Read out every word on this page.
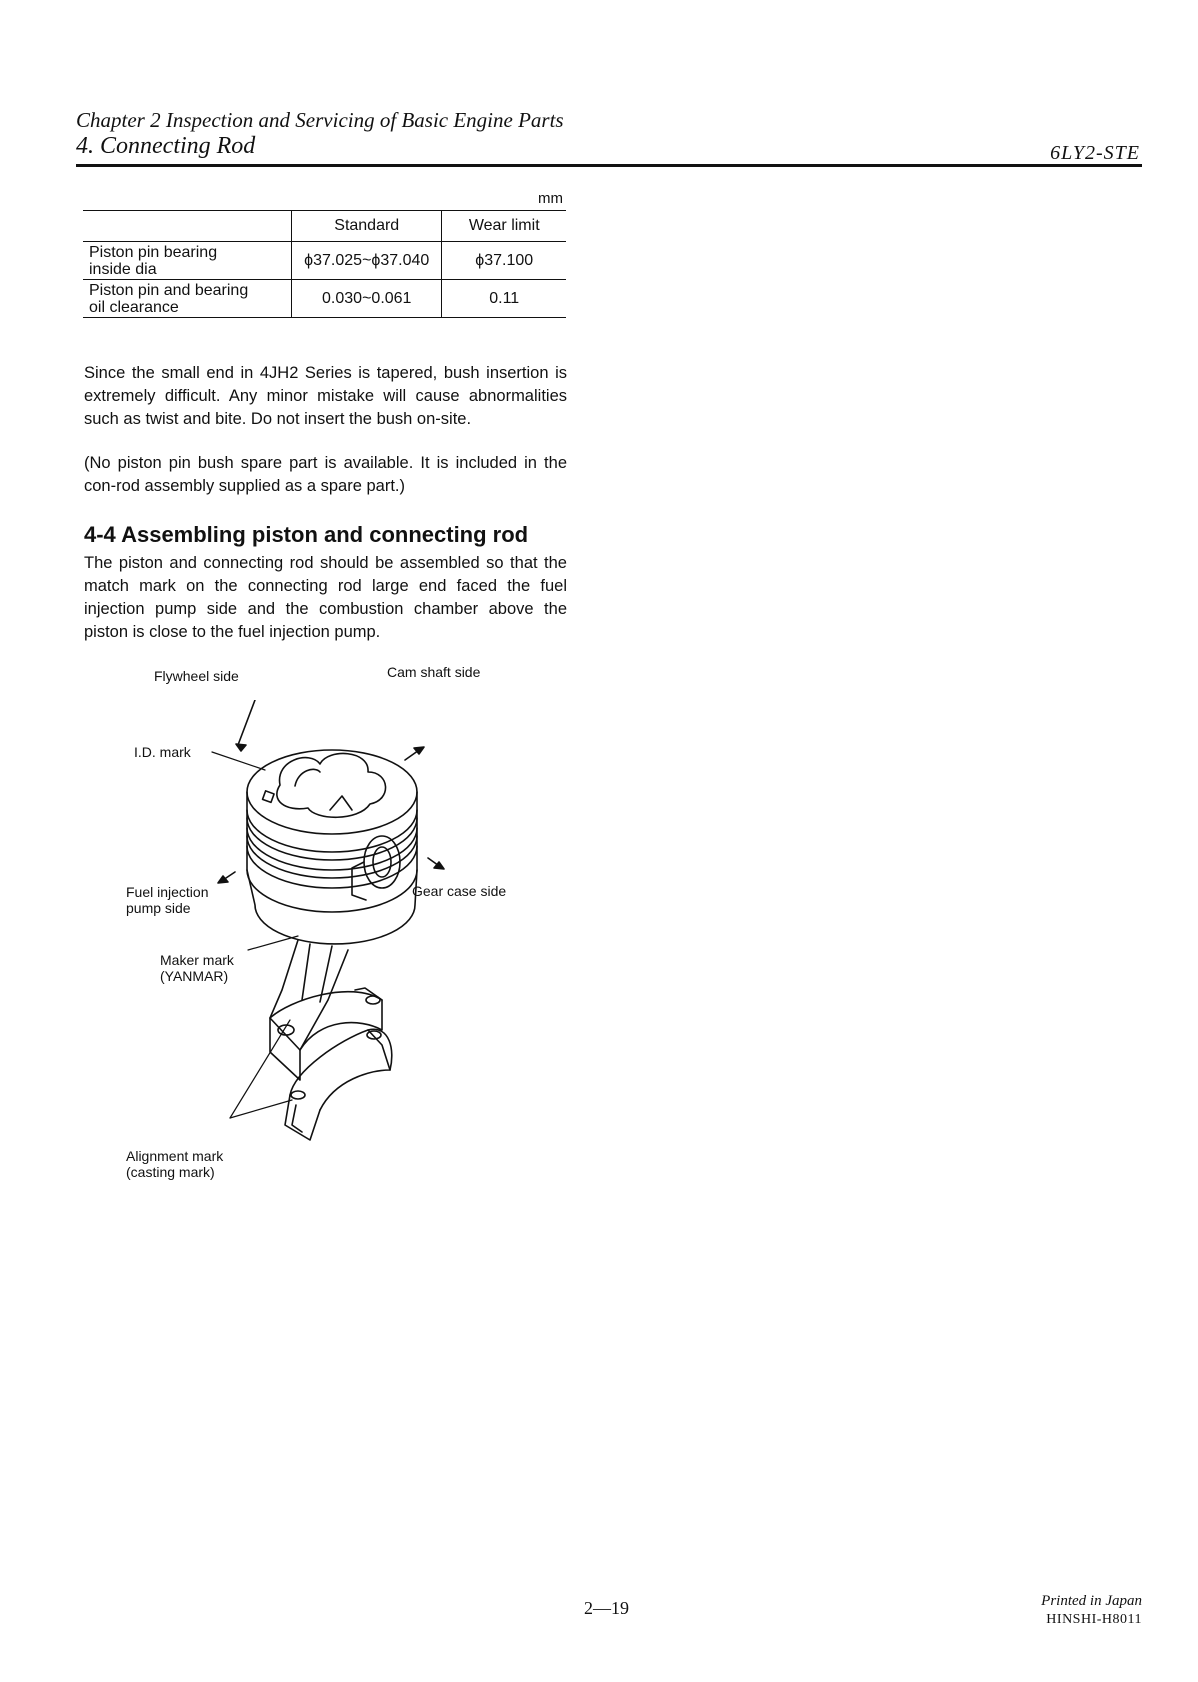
Chapter 2 Inspection and Servicing of Basic Engine Parts
4. Connecting Rod	6LY2-STE
mm
	Standard	Wear limit

Piston pin bearing
inside dia	ϕ37.025~ϕ37.040	ϕ37.100

Piston pin and bearing
oil clearance	0.030~0.061	0.11

Since the small end in 4JH2 Series is tapered, bush insertion is extremely difficult. Any minor mistake will cause abnormalities such as twist and bite. Do not insert the bush on-site.

(No piston pin bush spare part is available. It is included in the con-rod assembly supplied as a spare part.)

4-4 Assembling piston and connecting rod

The piston and connecting rod should be assembled so that the match mark on the connecting rod large end faced the fuel injection pump side and the combustion chamber above the piston is close to the fuel injection pump.

Flywheel side	Cam shaft side
I.D. mark
Fuel injection
pump side
Gear case side
Maker mark
(YANMAR)
Alignment mark
(casting mark)
2—19	Printed in Japan
HINSHI-H8011
